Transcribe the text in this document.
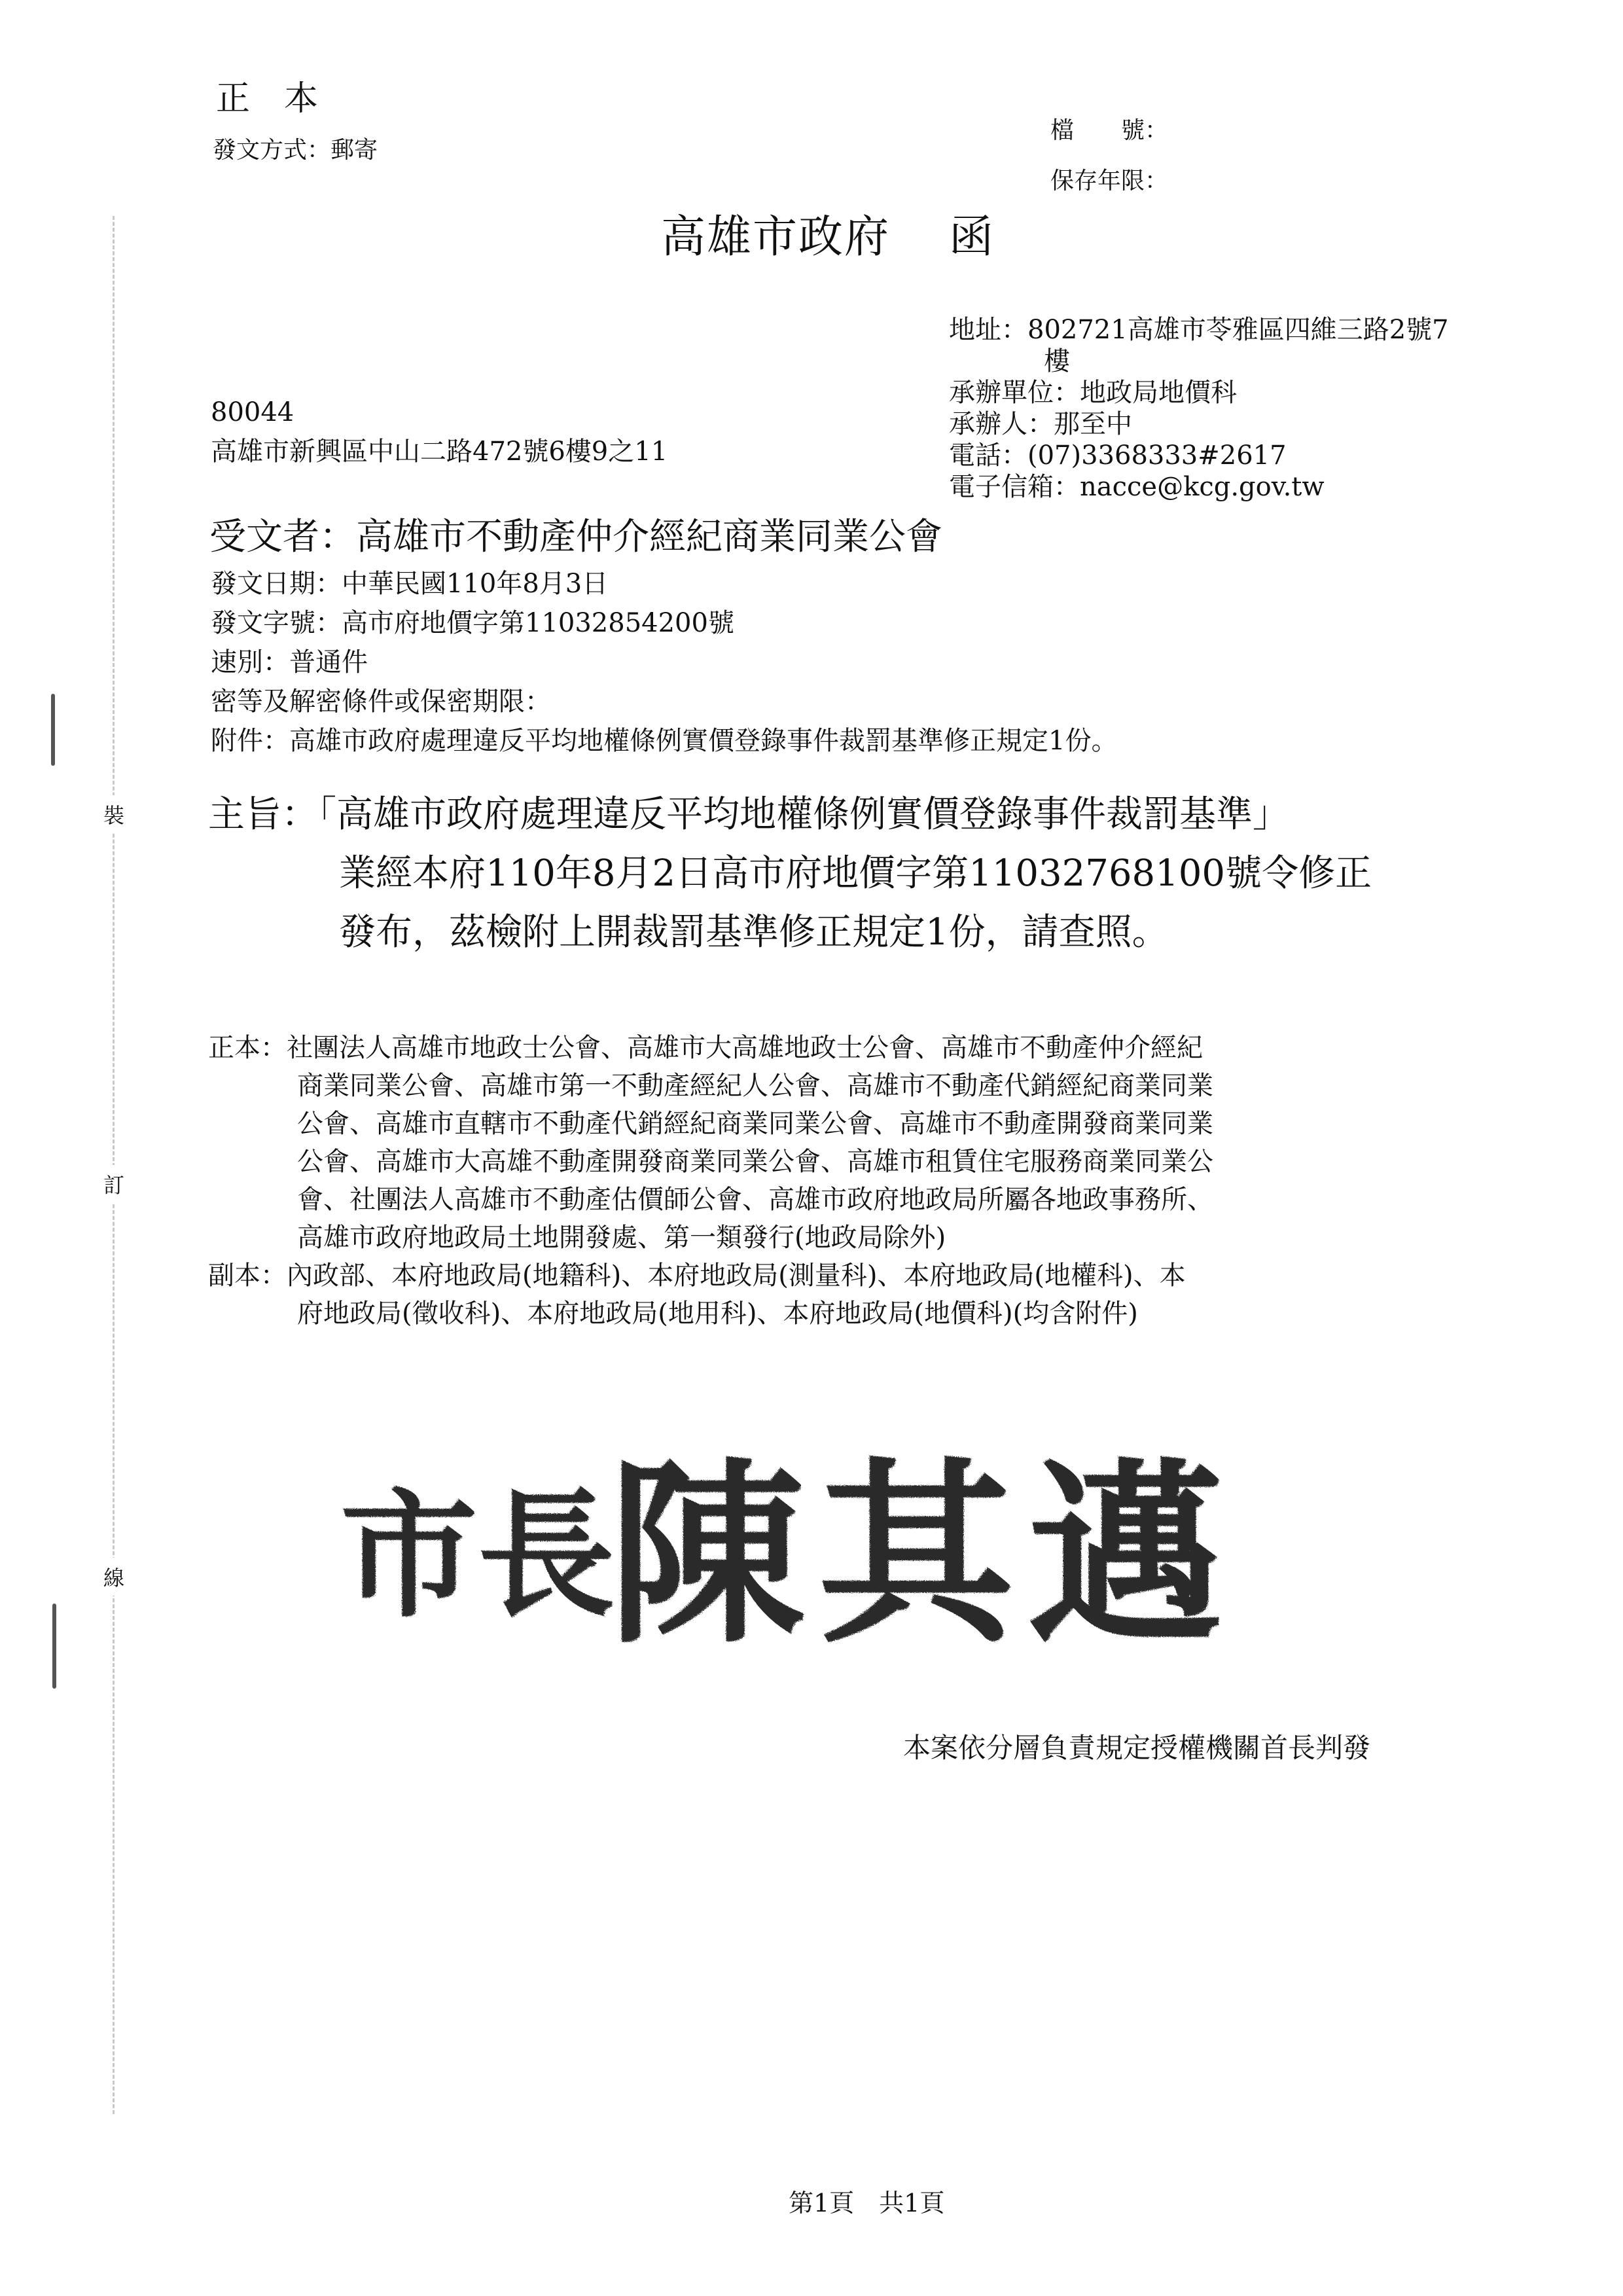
裝
訂
線
正　本
發文方式：郵寄
檔　　號：
保存年限：
高雄市政府 函
地址：802721高雄市苓雅區四維三路2號7
樓
承辦單位：地政局地價科
承辦人：那至中
電話：(07)3368333#2617
電子信箱：nacce@kcg.gov.tw
80044
高雄市新興區中山二路472號6樓9之11
受文者：高雄市不動產仲介經紀商業同業公會
發文日期：中華民國110年8月3日
發文字號：高市府地價字第11032854200號
速別：普通件
密等及解密條件或保密期限：
附件：高雄市政府處理違反平均地權條例實價登錄事件裁罰基準修正規定1份。
主旨：「高雄市政府處理違反平均地權條例實價登錄事件裁罰基準」
業經本府110年8月2日高市府地價字第11032768100號令修正
發布，茲檢附上開裁罰基準修正規定1份，請查照。
正本：社團法人高雄市地政士公會、高雄市大高雄地政士公會、高雄市不動產仲介經紀
商業同業公會、高雄市第一不動產經紀人公會、高雄市不動產代銷經紀商業同業
公會、高雄市直轄市不動產代銷經紀商業同業公會、高雄市不動產開發商業同業
公會、高雄市大高雄不動產開發商業同業公會、高雄市租賃住宅服務商業同業公
會、社團法人高雄市不動產估價師公會、高雄市政府地政局所屬各地政事務所、
高雄市政府地政局土地開發處、第一類發行(地政局除外)
副本：內政部、本府地政局(地籍科)、本府地政局(測量科)、本府地政局(地權科)、本
府地政局(徵收科)、本府地政局(地用科)、本府地政局(地價科)(均含附件)
市長
陳其邁
本案依分層負責規定授權機關首長判發
第1頁　共1頁
